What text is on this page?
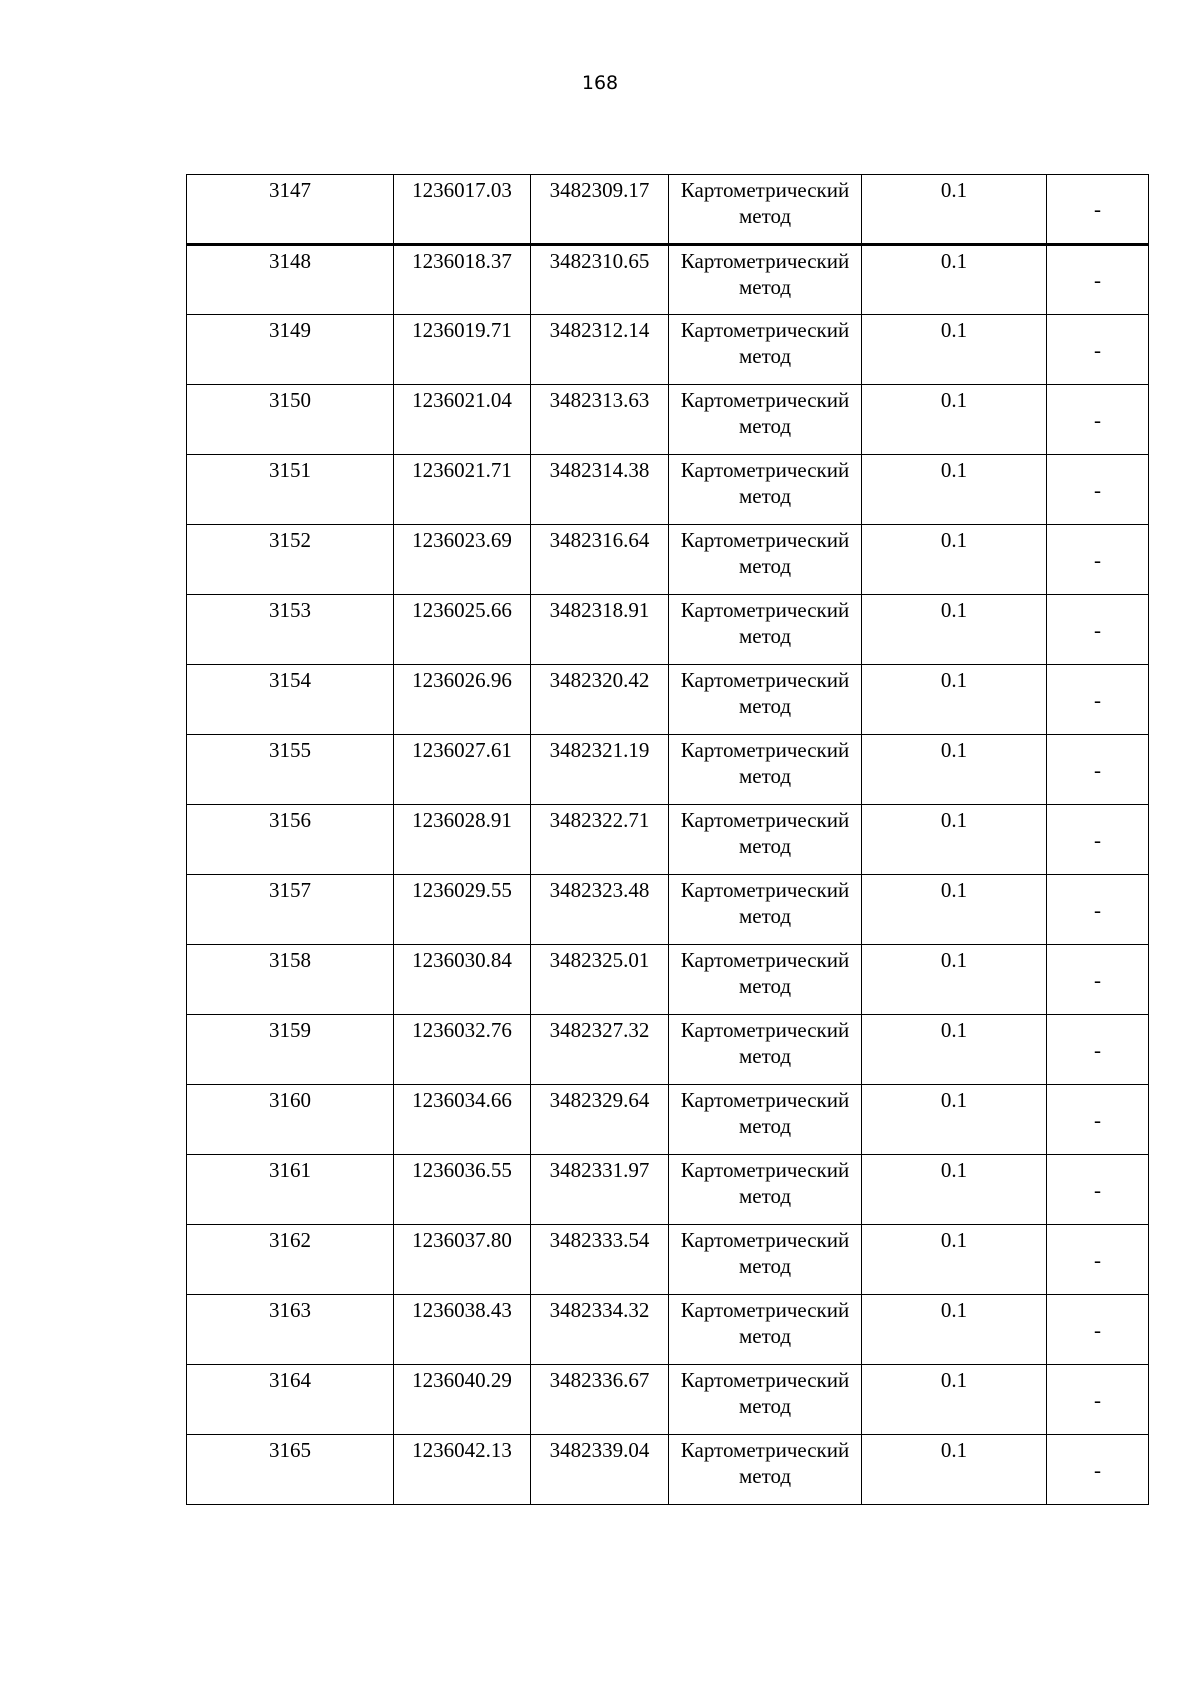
168
3147	1236017.03	3482309.17	Картометрический
метод	0.1	-
3148	1236018.37	3482310.65	Картометрический
метод	0.1	-
3149	1236019.71	3482312.14	Картометрический
метод	0.1	-
3150	1236021.04	3482313.63	Картометрический
метод	0.1	-
3151	1236021.71	3482314.38	Картометрический
метод	0.1	-
3152	1236023.69	3482316.64	Картометрический
метод	0.1	-
3153	1236025.66	3482318.91	Картометрический
метод	0.1	-
3154	1236026.96	3482320.42	Картометрический
метод	0.1	-
3155	1236027.61	3482321.19	Картометрический
метод	0.1	-
3156	1236028.91	3482322.71	Картометрический
метод	0.1	-
3157	1236029.55	3482323.48	Картометрический
метод	0.1	-
3158	1236030.84	3482325.01	Картометрический
метод	0.1	-
3159	1236032.76	3482327.32	Картометрический
метод	0.1	-
3160	1236034.66	3482329.64	Картометрический
метод	0.1	-
3161	1236036.55	3482331.97	Картометрический
метод	0.1	-
3162	1236037.80	3482333.54	Картометрический
метод	0.1	-
3163	1236038.43	3482334.32	Картометрический
метод	0.1	-
3164	1236040.29	3482336.67	Картометрический
метод	0.1	-
3165	1236042.13	3482339.04	Картометрический
метод	0.1	-
